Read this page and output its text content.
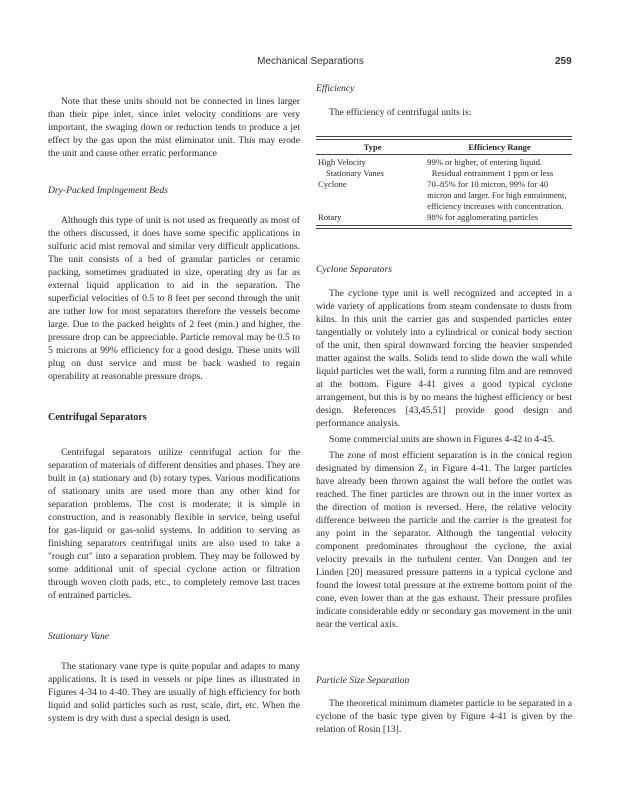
Mechanical Separations	259

Note that these units should not be connected in lines larger than their pipe inlet, since inlet velocity conditions are very important, the swaging down or reduction tends to produce a jet effect by the gas upon the mist eliminator unit. This may erode the unit and cause other erratic performance

Dry-Packed Impingement Beds

Although this type of unit is not used as frequently as most of the others discussed, it does have some specific applications in sulfuric acid mist removal and similar very difficult applications. The unit consists of a bed of granular particles or ceramic packing, sometimes graduated in size, operating dry as far as external liquid application to aid in the separation. The superficial velocities of 0.5 to 8 feet per second through the unit are rather low for most separators therefore the vessels become large. Due to the packed heights of 2 feet (min.) and higher, the pressure drop can be appreciable. Particle removal may be 0.5 to 5 microns at 99% efficiency for a good design. These units will plug on dust service and must be back washed to regain operability at reasonable pressure drops.

Centrifugal Separators

Centrifugal separators utilize centrifugal action for the separation of materials of different densities and phases. They are built in (a) stationary and (b) rotary types. Various modifications of stationary units are used more than any other kind for separation problems. The cost is moderate; it is simple in construction, and is reasonably flexible in service, being useful for gas-liquid or gas-solid systems. In addition to serving as finishing separators centrifugal units are also used to take a "rough cut" into a separation problem. They may be followed by some additional unit of special cyclone action or filtration through woven cloth pads, etc., to completely remove last traces of entrained particles.

Stationary Vane

The stationary vane type is quite popular and adapts to many applications. It is used in vessels or pipe lines as illustrated in Figures 4-34 to 4-40. They are usually of high efficiency for both liquid and solid particles such as rust, scale, dirt, etc. When the system is dry with dust a special design is used.

Efficiency

The efficiency of centrifugal units is:

Type	Efficiency Range
High Velocity	99% or higher, of entering liquid.
Stationary Vanes	Residual entrainment 1 ppm or less
Cyclone	70–85% for 10 micron, 99% for 40 micron and larger. For high entrainment, efficiency increases with concentration.
Rotary	98% for agglomerating particles
Cyclone Separators

The cyclone type unit is well recognized and accepted in a wide variety of applications from steam condensate to dusts from kilns. In this unit the carrier gas and suspended particles enter tangentially or volutely into a cylindrical or conical body section of the unit, then spiral downward forcing the heavier suspended matter against the walls. Solids tend to slide down the wall while liquid particles wet the wall, form a running film and are removed at the bottom. Figure 4-41 gives a good typical cyclone arrangement, but this is by no means the highest efficiency or best design. References [43,45,51] provide good design and performance analysis.

Some commercial units are shown in Figures 4-42 to 4-45.

The zone of most efficient separation is in the conical region designated by dimension Z₁ in Figure 4-41. The larger particles have already been thrown against the wall before the outlet was reached. The finer particles are thrown out in the inner vortex as the direction of motion is reversed. Here, the relative velocity difference between the particle and the carrier is the greatest for any point in the separator. Although the tangential velocity component predominates throughout the cyclone, the axial velocity prevails in the turbulent center. Van Dongen and ter Linden [20] measured pressure patterns in a typical cyclone and found the lowest total pressure at the extreme bottom point of the cone, even lower than at the gas exhaust. Their pressure profiles indicate considerable eddy or secondary gas movement in the unit near the vertical axis.

Particle Size Separation

The theoretical minimum diameter particle to be separated in a cyclone of the basic type given by Figure 4-41 is given by the relation of Rosin [13].
